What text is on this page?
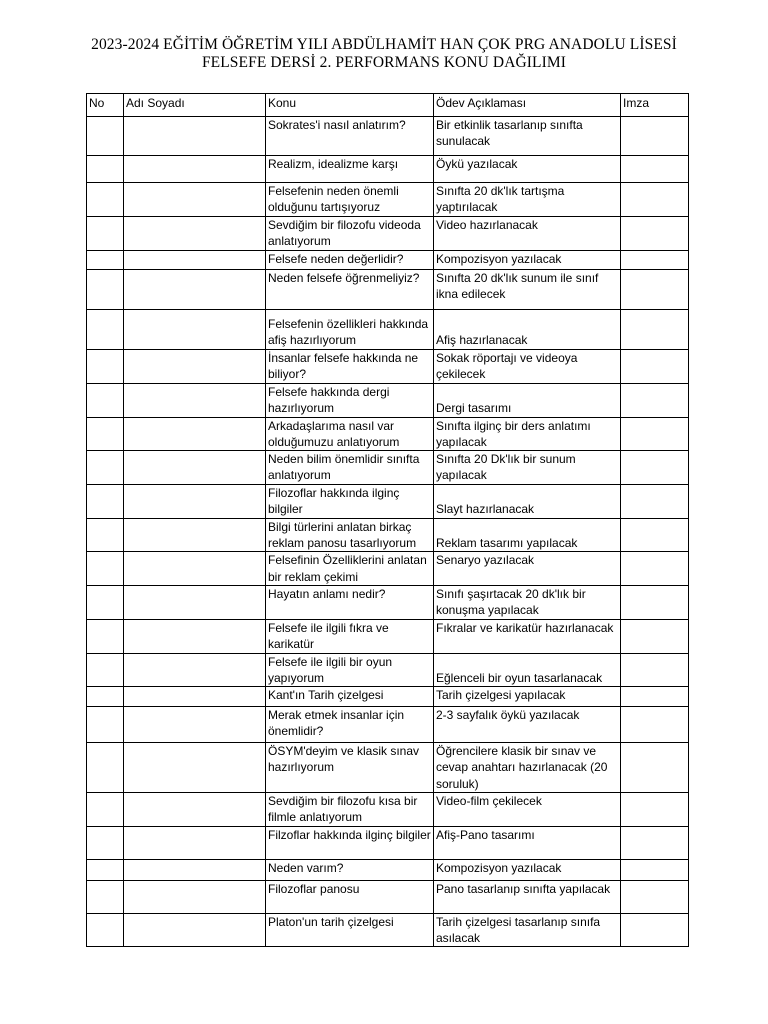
2023-2024 EĞİTİM ÖĞRETİM YILI ABDÜLHAMİT HAN ÇOK PRG ANADOLU LİSESİ
FELSEFE DERSİ 2. PERFORMANS KONU DAĞILIMI
No	Adı Soyadı	Konu	Ödev Açıklaması	Imza
		Sokrates'i nasıl anlatırım?	Bir etkinlik tasarlanıp sınıfta sunulacak	
		Realizm, idealizme karşı	Öykü yazılacak	
		Felsefenin neden önemli olduğunu tartışıyoruz	Sınıfta 20 dk'lık tartışma yaptırılacak	
		Sevdiğim bir filozofu videoda anlatıyorum	Video hazırlanacak	
		Felsefe neden değerlidir?	Kompozisyon yazılacak	
		Neden felsefe öğrenmeliyiz?	Sınıfta 20 dk'lık sunum ile sınıf ikna edilecek	
		Felsefenin özellikleri hakkında afiş hazırlıyorum	Afiş hazırlanacak	
		İnsanlar felsefe hakkında ne biliyor?	Sokak röportajı ve videoya çekilecek	
		Felsefe hakkında dergi hazırlıyorum	Dergi tasarımı	
		Arkadaşlarıma nasıl var olduğumuzu anlatıyorum	Sınıfta ilginç bir ders anlatımı yapılacak	
		Neden bilim önemlidir sınıfta anlatıyorum	Sınıfta 20 Dk'lık bir sunum yapılacak	
		Filozoflar hakkında ilginç bilgiler	Slayt hazırlanacak	
		Bilgi türlerini anlatan birkaç reklam panosu tasarlıyorum	Reklam tasarımı yapılacak	
		Felsefinin Özelliklerini anlatan bir reklam çekimi	Senaryo yazılacak	
		Hayatın anlamı nedir?	Sınıfı şaşırtacak 20 dk'lık bir konuşma yapılacak	
		Felsefe ile ilgili fıkra ve karikatür	Fıkralar ve karikatür hazırlanacak	
		Felsefe ile ilgili bir oyun yapıyorum	Eğlenceli bir oyun tasarlanacak	
		Kant'ın Tarih çizelgesi	Tarih çizelgesi yapılacak	
		Merak etmek insanlar için önemlidir?	2-3 sayfalık öykü yazılacak	
		ÖSYM'deyim ve klasik sınav hazırlıyorum	Öğrencilere klasik bir sınav ve cevap anahtarı hazırlanacak (20 soruluk)	
		Sevdiğim bir filozofu kısa bir filmle anlatıyorum	Video-film çekilecek	
		Filzoflar hakkında ilginç bilgiler	Afiş-Pano tasarımı	
		Neden varım?	Kompozisyon yazılacak	
		Filozoflar panosu	Pano tasarlanıp sınıfta yapılacak	
		Platon'un tarih çizelgesi	Tarih çizelgesi tasarlanıp sınıfa asılacak	
